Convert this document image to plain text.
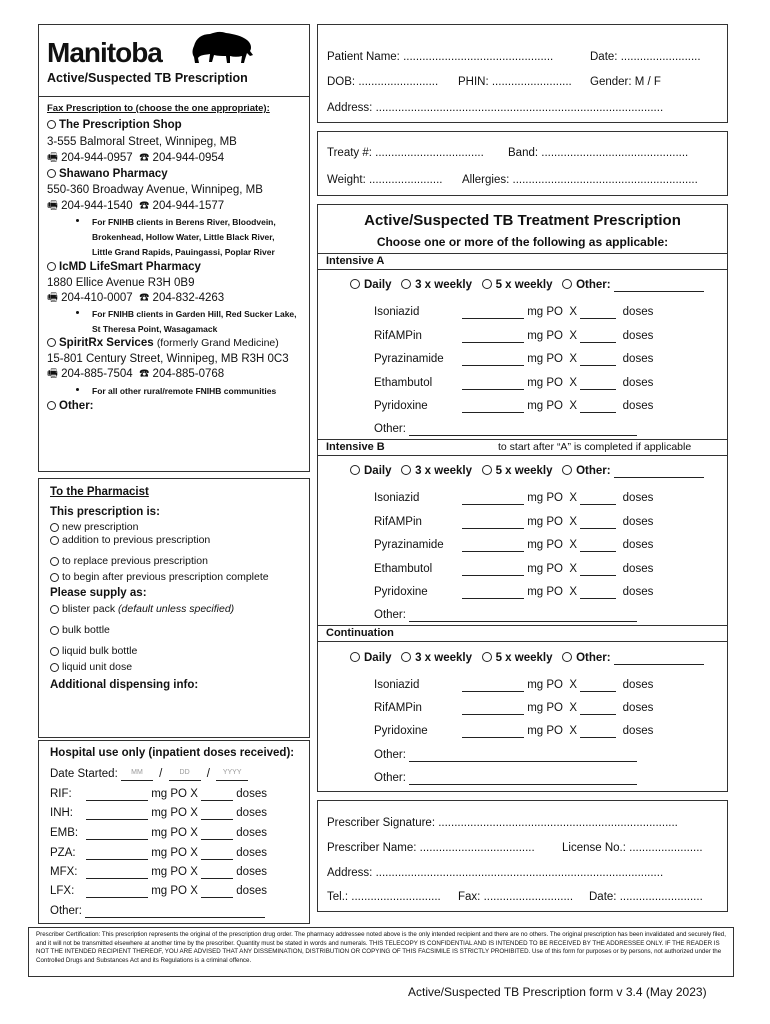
Manitoba
Active/Suspected TB Prescription
Fax Prescription to (choose the one appropriate):
The Prescription Shop
3-555 Balmoral Street, Winnipeg, MB
🖷 204-944-0957 ☎ 204-944-0954
Shawano Pharmacy
550-360 Broadway Avenue, Winnipeg, MB
🖷 204-944-1540 ☎ 204-944-1577
For FNIHB clients in Berens River, Bloodvein,
Brokenhead, Hollow Water, Little Black River,
Little Grand Rapids, Pauingassi, Poplar River
IcMD LifeSmart Pharmacy
1880 Ellice Avenue R3H 0B9
🖷 204-410-0007 ☎ 204-832-4263
For FNIHB clients in Garden Hill, Red Sucker Lake,
St Theresa Point, Wasagamack
SpiritRx Services (formerly Grand Medicine)
15-801 Century Street, Winnipeg, MB R3H 0C3
🖷 204-885-7504 ☎ 204-885-0768
For all other rural/remote FNIHB communities
Other:
To the Pharmacist
This prescription is:
new prescription
addition to previous prescription
to replace previous prescription
to begin after previous prescription complete
Please supply as:
blister pack (default unless specified)
bulk bottle
liquid bulk bottle
liquid unit dose
Additional dispensing info:
Hospital use only (inpatient doses received):
Date Started: MM / DD / YYYY
RIF:	mg PO X	doses
INH:	mg PO X	doses
EMB:	mg PO X	doses
PZA:	mg PO X	doses
MFX:	mg PO X	doses
LFX:	mg PO X	doses
Other:
Patient Name: ...............................................	Date: .........................
DOB: ......................... PHIN: ......................... Gender: M / F
Address: ..........................................................................................
Treaty #: .................................. Band: ..............................................
Weight: ....................... Allergies: ..........................................................
Active/Suspected TB Treatment Prescription
Choose one or more of the following as applicable:
Intensive A
Daily 3 x weekly 5 x weekly Other:
Isoniazid	mg PO X	doses
RifAMPin	mg PO X	doses
Pyrazinamide	mg PO X	doses
Ethambutol	mg PO X	doses
Pyridoxine	mg PO X	doses
Other:
Intensive B	to start after “A” is completed if applicable
Daily 3 x weekly 5 x weekly Other:
Isoniazid	mg PO X	doses
RifAMPin	mg PO X	doses
Pyrazinamide	mg PO X	doses
Ethambutol	mg PO X	doses
Pyridoxine	mg PO X	doses
Other:
Continuation
Daily 3 x weekly 5 x weekly Other:
Isoniazid	mg PO X	doses
RifAMPin	mg PO X	doses
Pyridoxine	mg PO X	doses
Other:
Other:
Prescriber Signature: ...........................................................................
Prescriber Name: .................................... License No.: .......................
Address: ..........................................................................................
Tel.: ............................ Fax: ............................ Date: ..........................
Prescriber Certification: This prescription represents the original of the prescription drug order. The pharmacy addressee noted above is the only intended recipient and there are no others. The original prescription has been invalidated and securely filed, and it will not be transmitted elsewhere at another time by the prescriber. Quantity must be stated in words and numerals. THIS TELECOPY IS CONFIDENTIAL AND IS INTENDED TO BE RECEIVED BY THE ADDRESSEE ONLY. IF THE READER IS NOT THE INTENDED RECIPIENT THEREOF, YOU ARE ADVISED THAT ANY DISSEMINATION, DISTRIBUTION OR COPYING OF THIS FACSIMILE IS STRICTLY PROHIBITED. Use of this form for purposes or by persons, not authorized under the Controlled Drugs and Substances Act and its Regulations is a criminal offence.
Active/Suspected TB Prescription form v 3.4 (May 2023)
